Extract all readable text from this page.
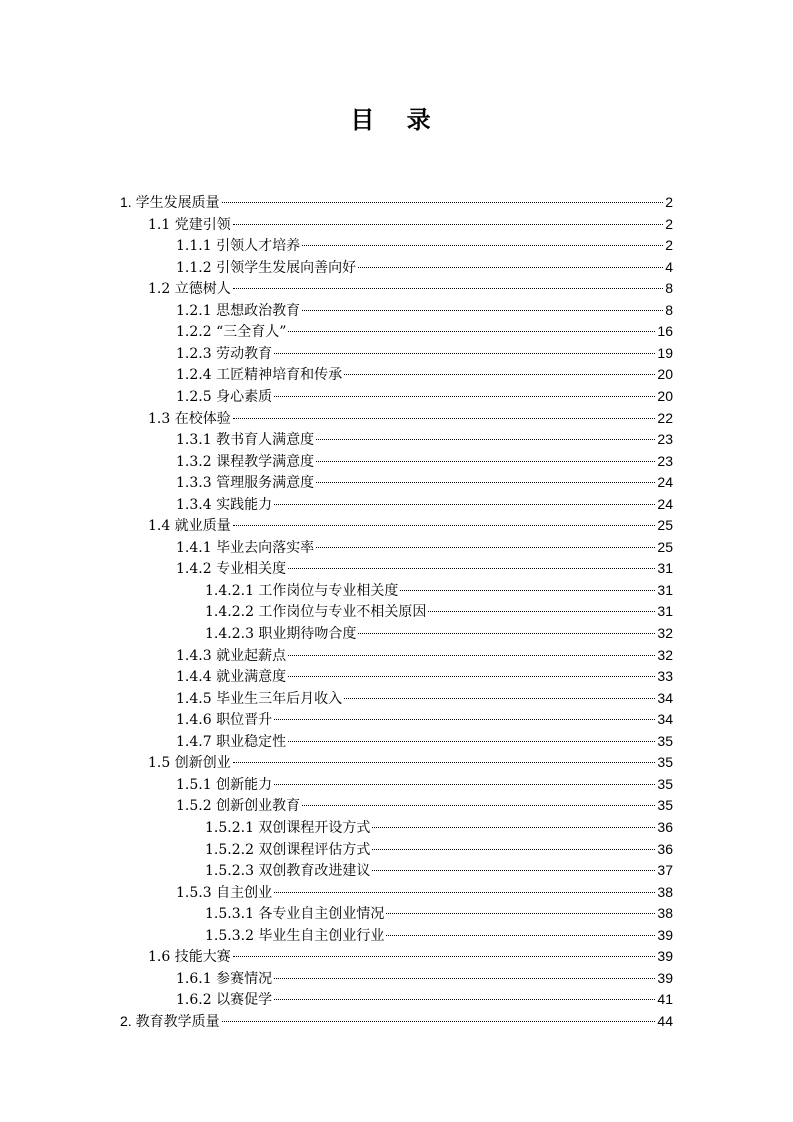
目 录
1. 学生发展质量	2
1.1 党建引领	2
1.1.1 引领人才培养	2
1.1.2 引领学生发展向善向好	4
1.2 立德树人	8
1.2.1 思想政治教育	8
1.2.2 “三全育人”	16
1.2.3 劳动教育	19
1.2.4 工匠精神培育和传承	20
1.2.5 身心素质	20
1.3 在校体验	22
1.3.1 教书育人满意度	23
1.3.2 课程教学满意度	23
1.3.3 管理服务满意度	24
1.3.4 实践能力	24
1.4 就业质量	25
1.4.1 毕业去向落实率	25
1.4.2 专业相关度	31
1.4.2.1 工作岗位与专业相关度	31
1.4.2.2 工作岗位与专业不相关原因	31
1.4.2.3 职业期待吻合度	32
1.4.3 就业起薪点	32
1.4.4 就业满意度	33
1.4.5 毕业生三年后月收入	34
1.4.6 职位晋升	34
1.4.7 职业稳定性	35
1.5 创新创业	35
1.5.1 创新能力	35
1.5.2 创新创业教育	35
1.5.2.1 双创课程开设方式	36
1.5.2.2 双创课程评估方式	36
1.5.2.3 双创教育改进建议	37
1.5.3 自主创业	38
1.5.3.1 各专业自主创业情况	38
1.5.3.2 毕业生自主创业行业	39
1.6 技能大赛	39
1.6.1 参赛情况	39
1.6.2 以赛促学	41
2. 教育教学质量	44
